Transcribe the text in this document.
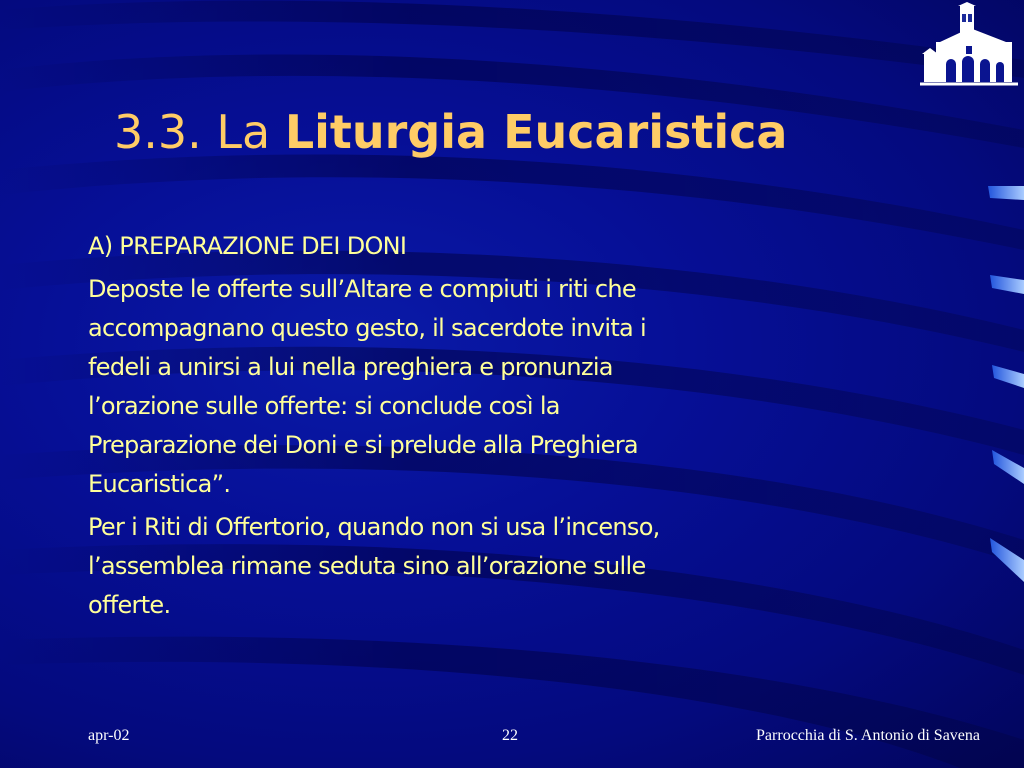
3.3. La Liturgia Eucaristica

A) PREPARAZIONE DEI DONI

Deposte le offerte sull’Altare e compiuti i riti che
accompagnano questo gesto, il sacerdote invita i
fedeli a unirsi a lui nella preghiera e pronunzia
l’orazione sulle offerte: si conclude così la
Preparazione dei Doni e si prelude alla Preghiera
Eucaristica”.

Per i Riti di Offertorio, quando non si usa l’incenso,
l’assemblea rimane seduta sino all’orazione sulle
offerte.

apr-02	22	Parrocchia di S. Antonio di Savena
